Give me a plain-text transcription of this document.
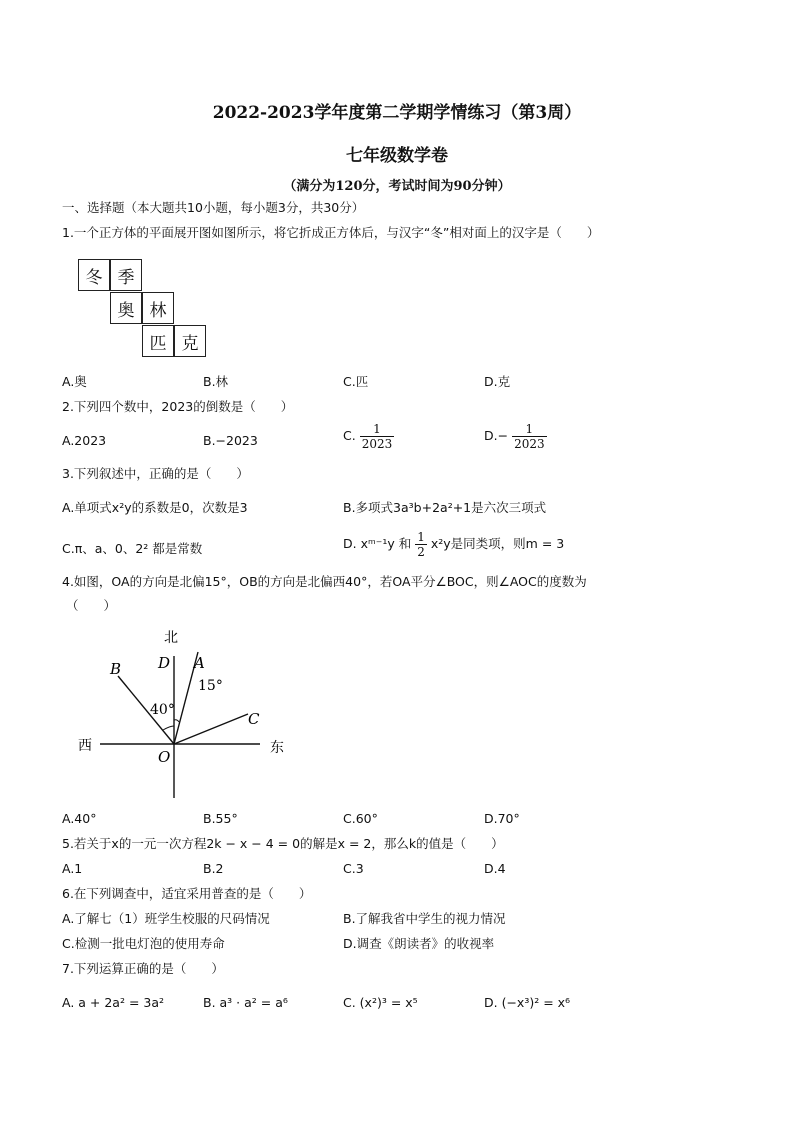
2022-2023学年度第二学期学情练习（第3周）
七年级数学卷
（满分为120分，考试时间为90分钟）
一、选择题（本大题共10小题，每小题3分，共30分）
1.一个正方体的平面展开图如图所示，将它折成正方体后，与汉字“冬”相对面上的汉字是（　　）
冬 季
奥 林
匹 克
A.奥	B.林	C.匹	D.克
2.下列四个数中，2023的倒数是（　　）
A.2023	B.−2023	C. $\frac{1}{2023}$	$D.- \frac{1}{2023}$
3.下列叙述中，正确的是（　　）
A.单项式x²y的系数是0，次数是3	B.多项式3a³b+2a²+1是六次三项式
C.π、a、0、2² 都是常数	D. xᵐ⁻¹y 和 $\frac{1}{2} x^2y$是同类项，则m = 3
4.如图，OA的方向是北偏15°，OB的方向是北偏西40°，若OA平分∠BOC，则∠AOC的度数为
（　　）
北
D A
B
C
O
西	东
15°
40°
A.40°	B.55°	C.60°	D.70°
5.若关于x的一元一次方程2k − x − 4 = 0的解是x = 2，那么k的值是（　　）
A.1	B.2	C.3	D.4
6.在下列调查中，适宜采用普查的是（　　）
A.了解七（1）班学生校服的尺码情况	B.了解我省中学生的视力情况
C.检测一批电灯泡的使用寿命	D.调查《朗读者》的收视率
7.下列运算正确的是（　　）
A. a + 2a² = 3a²	B. a³ · a² = a⁶	C. (x²)³ = x⁵	D. (−x³)² = x⁶
